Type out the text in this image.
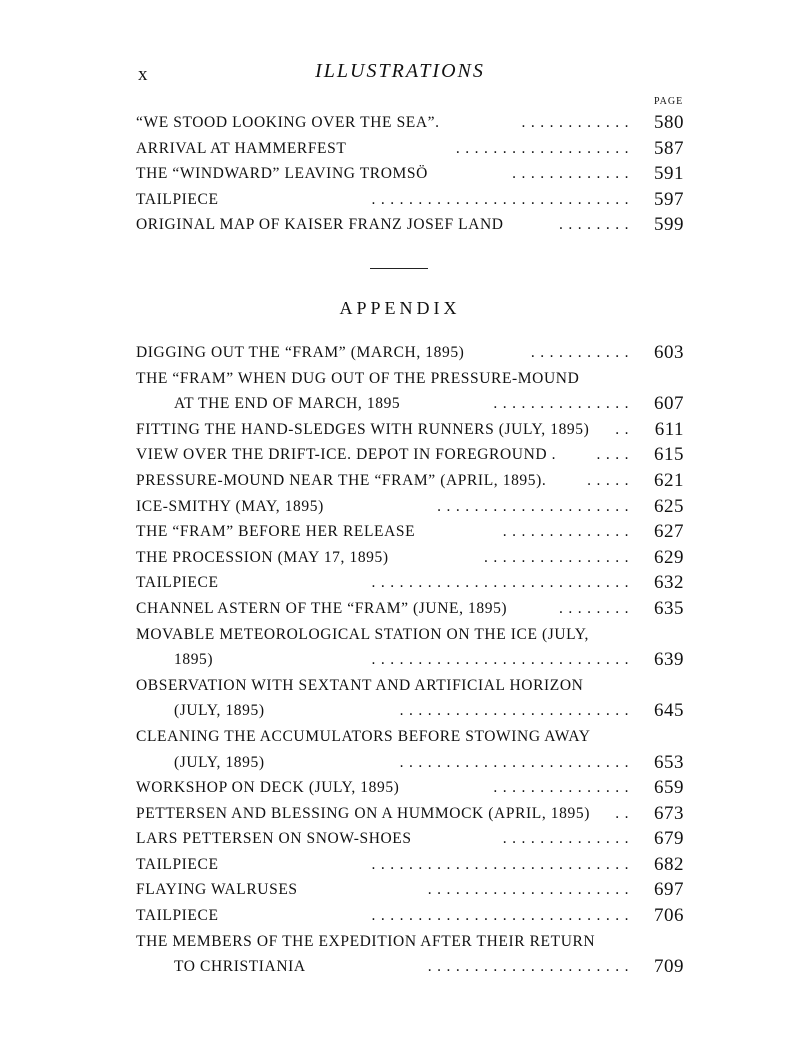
x	ILLUSTRATIONS
PAGE
“WE STOOD LOOKING OVER THE SEA”.	............	580
ARRIVAL AT HAMMERFEST	...................	587
THE “WINDWARD” LEAVING TROMSÖ	.............	591
TAILPIECE	............................	597
ORIGINAL MAP OF KAISER FRANZ JOSEF LAND	........	599
APPENDIX
DIGGING OUT THE “FRAM” (MARCH, 1895)	...........	603
THE “FRAM” WHEN DUG OUT OF THE PRESSURE-MOUND
AT THE END OF MARCH, 1895	...............	607
FITTING THE HAND-SLEDGES WITH RUNNERS (JULY, 1895) ..	611
VIEW OVER THE DRIFT-ICE. DEPOT IN FOREGROUND .	....	615
PRESSURE-MOUND NEAR THE “FRAM” (APRIL, 1895).	.....	621
ICE-SMITHY (MAY, 1895)	.....................	625
THE “FRAM” BEFORE HER RELEASE	..............	627
THE PROCESSION (MAY 17, 1895)	................	629
TAILPIECE	............................	632
CHANNEL ASTERN OF THE “FRAM” (JUNE, 1895)	........	635
MOVABLE METEOROLOGICAL STATION ON THE ICE (JULY,
1895)	............................	639
OBSERVATION WITH SEXTANT AND ARTIFICIAL HORIZON
(JULY, 1895)	.........................	645
CLEANING THE ACCUMULATORS BEFORE STOWING AWAY
(JULY, 1895)	.........................	653
WORKSHOP ON DECK (JULY, 1895)	...............	659
PETTERSEN AND BLESSING ON A HUMMOCK (APRIL, 1895) ..	673
LARS PETTERSEN ON SNOW-SHOES	..............	679
TAILPIECE	............................	682
FLAYING WALRUSES	......................	697
TAILPIECE	............................	706
THE MEMBERS OF THE EXPEDITION AFTER THEIR RETURN
TO CHRISTIANIA	......................	709
